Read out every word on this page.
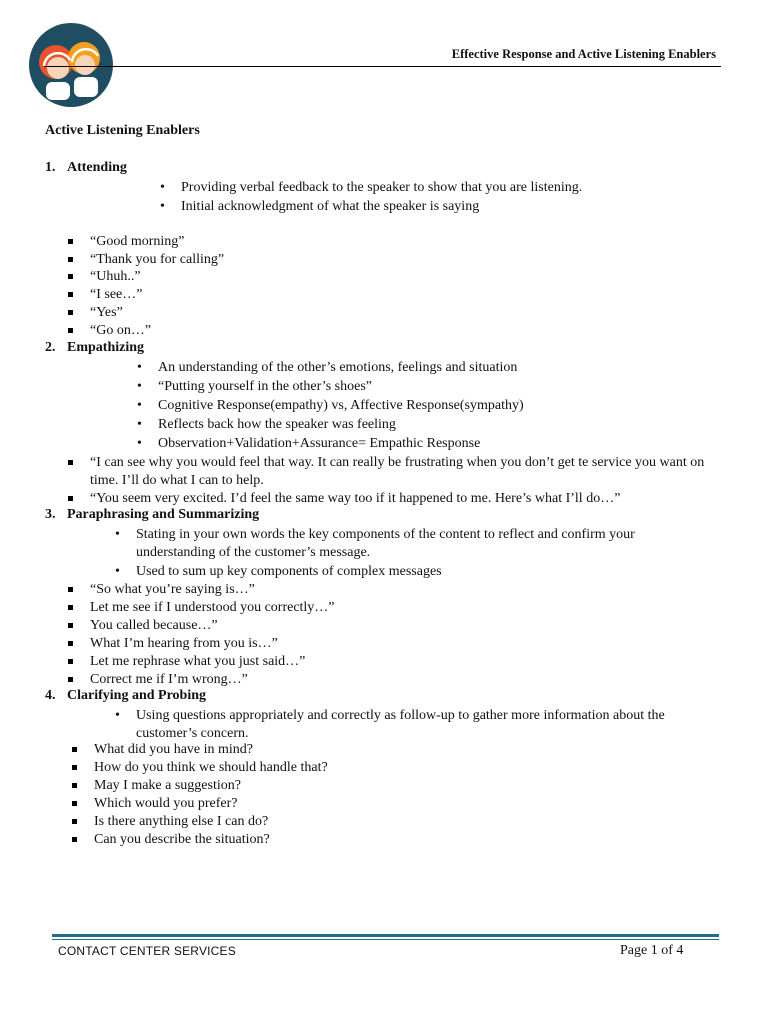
Effective Response and Active Listening Enablers
Active Listening Enablers
1. Attending
• Providing verbal feedback to the speaker to show that you are listening.
• Initial acknowledgment of what the speaker is saying
“Good morning”
“Thank you for calling”
“Uhuh..”
“I see…”
“Yes”
“Go on…”
2. Empathizing
• An understanding of the other’s emotions, feelings and situation
• “Putting yourself in the other’s shoes”
• Cognitive Response(empathy) vs, Affective Response(sympathy)
• Reflects back how the speaker was feeling
• Observation+Validation+Assurance= Empathic Response
“I can see why you would feel that way. It can really be frustrating when you don’t get te service you want on time. I’ll do what I can to help.
“You seem very excited. I’d feel the same way too if it happened to me. Here’s what I’ll do…”
3. Paraphrasing and Summarizing
• Stating in your own words the key components of the content to reflect and confirm your understanding of the customer’s message.
• Used to sum up key components of complex messages
“So what you’re saying is…”
Let me see if I understood you correctly…”
You called because…”
What I’m hearing from you is…”
Let me rephrase what you just said…”
Correct me if I’m wrong…”
4. Clarifying and Probing
• Using questions appropriately and correctly as follow-up to gather more information about the customer’s concern.
What did you have in mind?
How do you think we should handle that?
May I make a suggestion?
Which would you prefer?
Is there anything else I can do?
Can you describe the situation?
CONTACT CENTER SERVICES	Page 1 of 4
